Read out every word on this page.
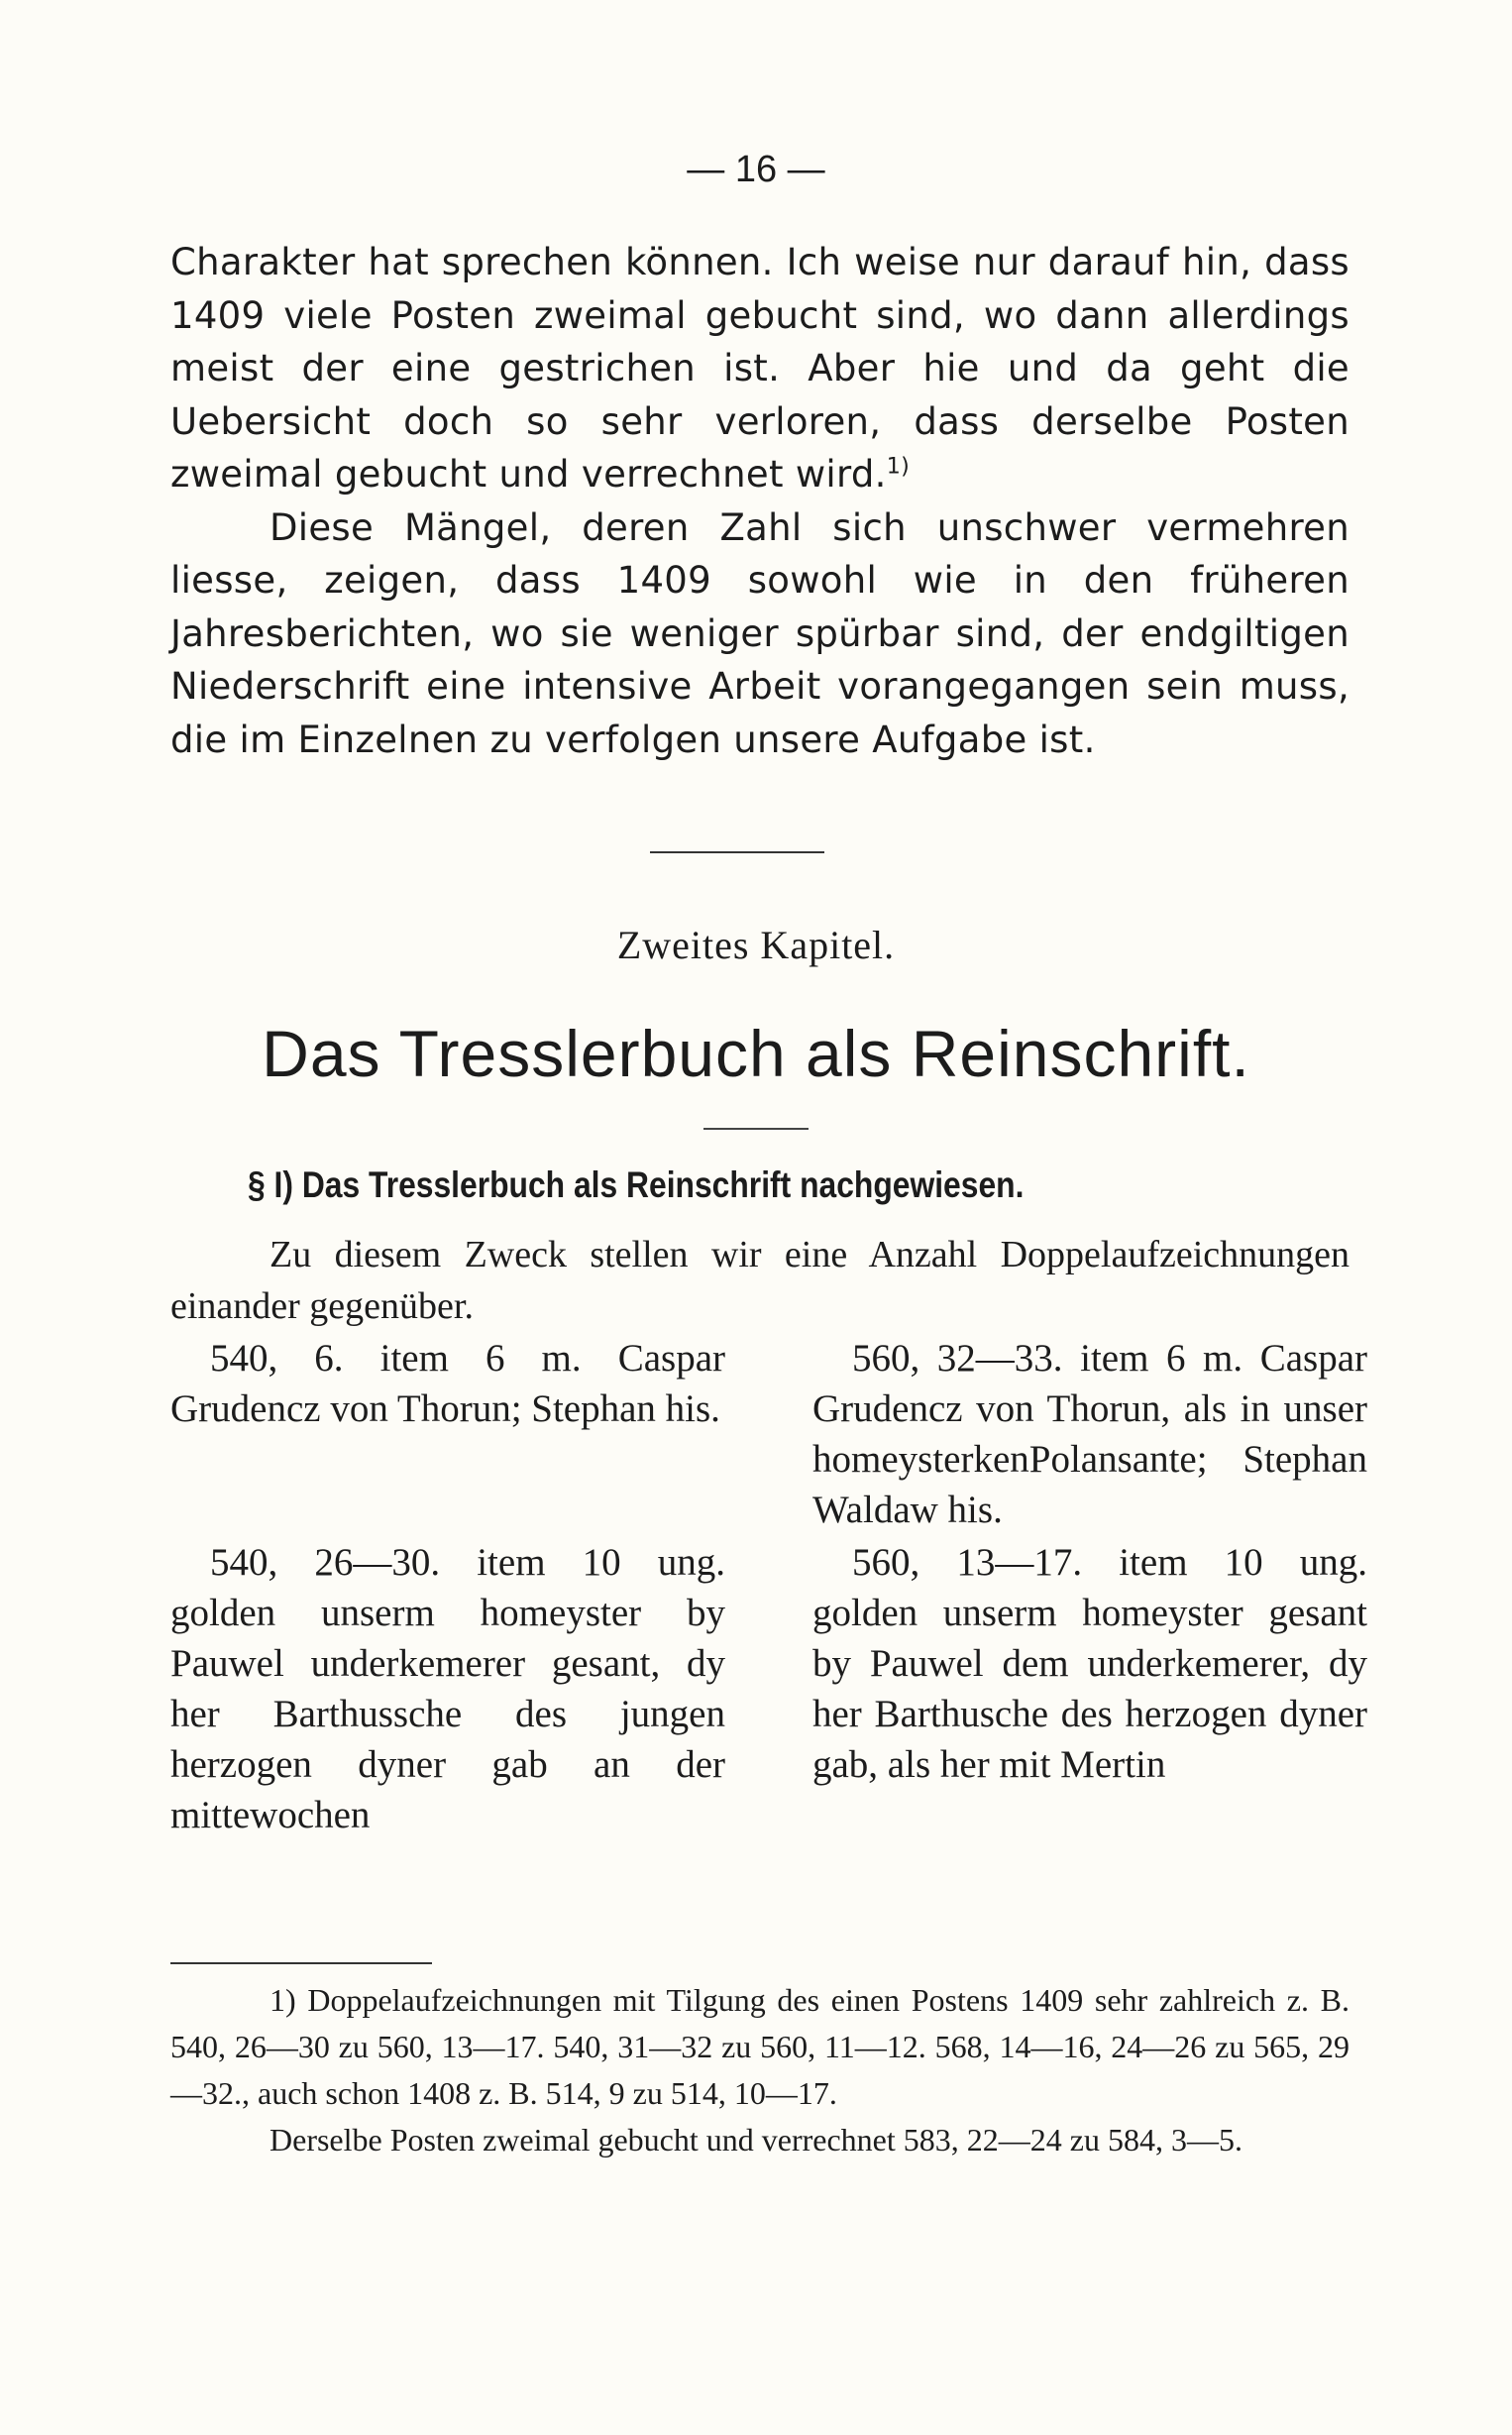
— 16 —
Charakter hat sprechen können. Ich weise nur darauf hin, dass 1409 viele Posten zweimal gebucht sind, wo dann allerdings meist der eine gestrichen ist. Aber hie und da geht die Uebersicht doch so sehr verloren, dass derselbe Posten zweimal gebucht und verrechnet wird.$^{1)}$
Diese Mängel, deren Zahl sich unschwer vermehren liesse, zeigen, dass 1409 sowohl wie in den früheren Jahresberichten, wo sie weniger spürbar sind, der endgiltigen Niederschrift eine intensive Arbeit vorangegangen sein muss, die im Einzelnen zu verfolgen unsere Aufgabe ist.
Zweites Kapitel.
Das Tresslerbuch als Reinschrift.
§ I) Das Tresslerbuch als Reinschrift nachgewiesen.
Zu diesem Zweck stellen wir eine Anzahl Doppelaufzeichnungen einander gegenüber.

540, 6. item 6 m. Caspar Grudencz von Thorun; Stephan his.

540, 26—30. item 10 ung. golden unserm homeyster by Pauwel underkemerer gesant, dy her Barthussche des jungen herzogen dyner gab an der mittewochen

560, 32—33. item 6 m. Caspar Grudencz von Thorun, als in unser homeysterkenPolansante; Stephan Waldaw his.

560, 13—17. item 10 ung. golden unserm homeyster gesant by Pauwel dem underkemerer, dy her Barthusche des herzogen dyner gab, als her mit Mertin

1) Doppelaufzeichnungen mit Tilgung des einen Postens 1409 sehr zahlreich z. B. 540, 26—30 zu 560, 13—17. 540, 31—32 zu 560, 11—12. 568, 14—16, 24—26 zu 565, 29—32., auch schon 1408 z. B. 514, 9 zu 514, 10—17.

Derselbe Posten zweimal gebucht und verrechnet 583, 22—24 zu 584, 3—5.
